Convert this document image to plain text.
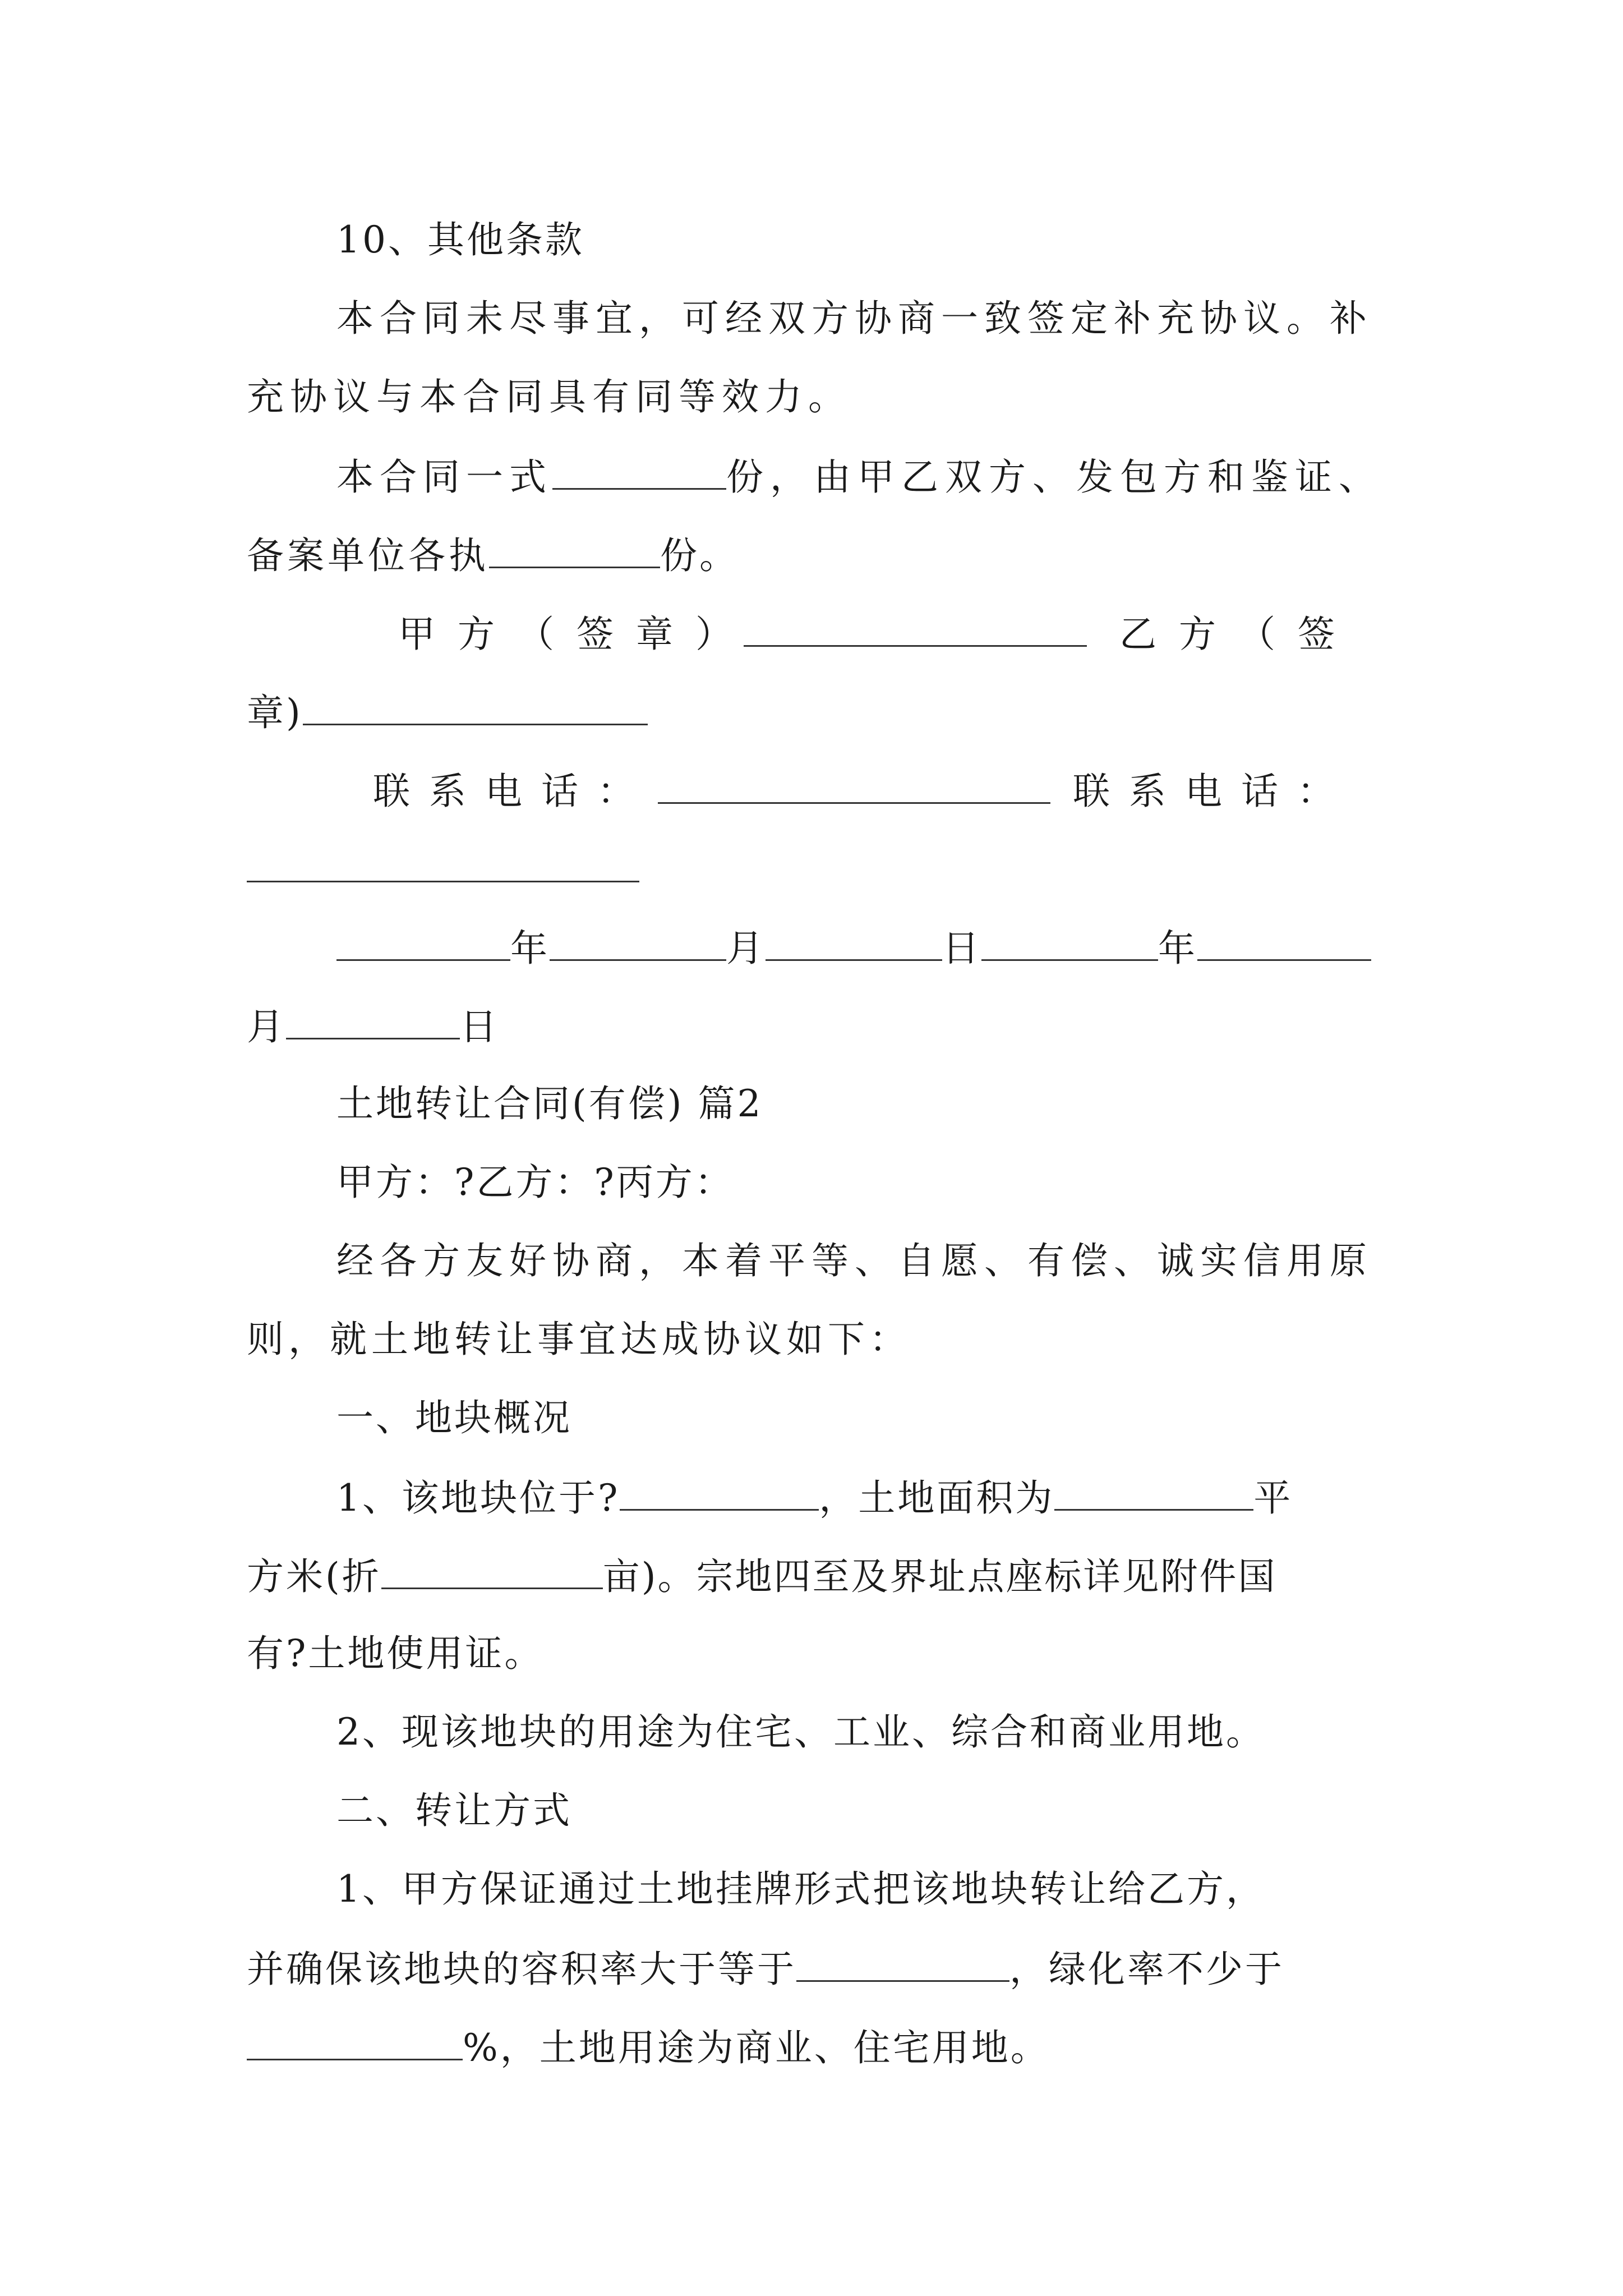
10、其他条款
本合同未尽事宜，可经双方协商一致签定补充协议。补
充协议与本合同具有同等效力。
本合同一式	份，由甲乙双方、发包方和鉴证、
备案单位各执	份。
甲方（签章）	乙方（签
章)
联系电话：	联系电话：
年	月	日	年
月	日
土地转让合同(有偿) 篇2
甲方：?乙方：?丙方：
经各方友好协商，本着平等、自愿、有偿、诚实信用原
则，就土地转让事宜达成协议如下：
一、地块概况
1、该地块位于?	，土地面积为	平
方米(折	亩)。宗地四至及界址点座标详见附件国
有?土地使用证。
2、现该地块的用途为住宅、工业、综合和商业用地。
二、转让方式
1、甲方保证通过土地挂牌形式把该地块转让给乙方，
并确保该地块的容积率大于等于	，绿化率不少于
%，土地用途为商业、住宅用地。
